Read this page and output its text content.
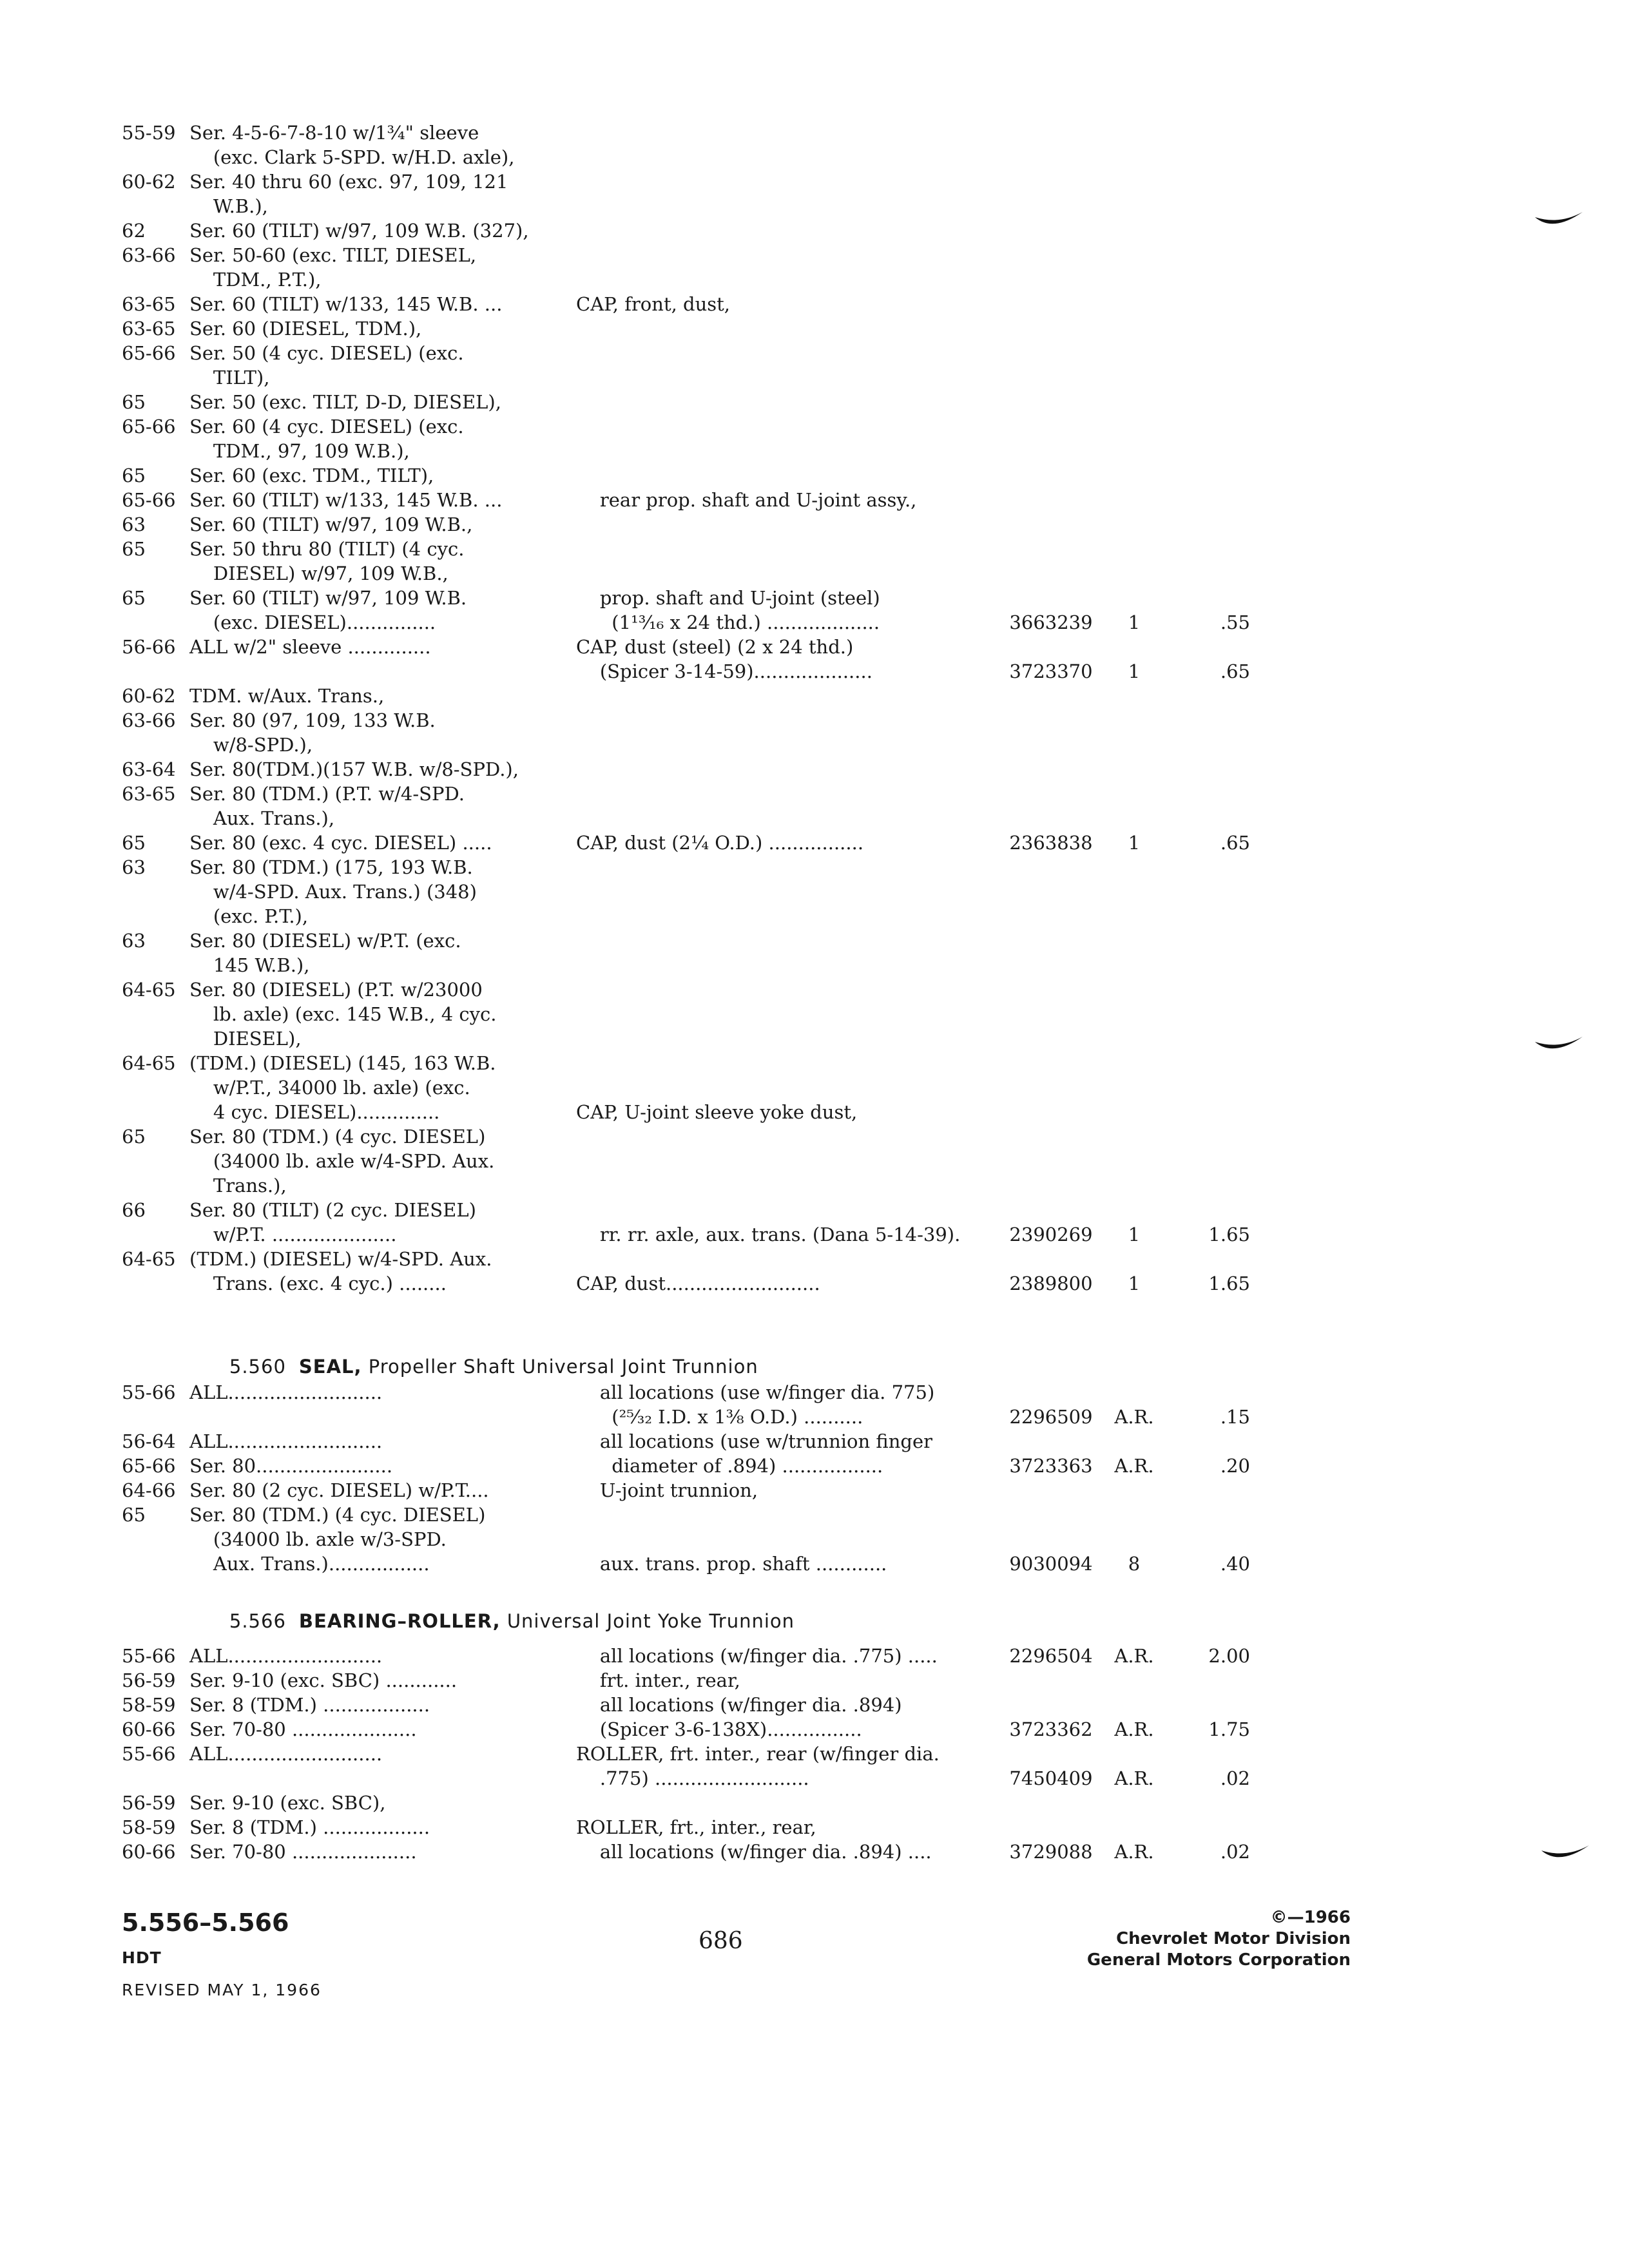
55-59 Ser. 4-5-6-7-8-10 w/1¾" sleeve
(exc. Clark 5-SPD. w/H.D. axle),
60-62 Ser. 40 thru 60 (exc. 97, 109, 121
W.B.),
62 Ser. 60 (TILT) w/97, 109 W.B. (327),
63-66 Ser. 50-60 (exc. TILT, DIESEL,
TDM., P.T.),
63-65 Ser. 60 (TILT) w/133, 145 W.B. ...	CAP, front, dust,
63-65 Ser. 60 (DIESEL, TDM.),
65-66 Ser. 50 (4 cyc. DIESEL) (exc.
TILT),
65 Ser. 50 (exc. TILT, D-D, DIESEL),
65-66 Ser. 60 (4 cyc. DIESEL) (exc.
TDM., 97, 109 W.B.),
65 Ser. 60 (exc. TDM., TILT),
65-66 Ser. 60 (TILT) w/133, 145 W.B. ...	rear prop. shaft and U-joint assy.,
63 Ser. 60 (TILT) w/97, 109 W.B.,
65 Ser. 50 thru 80 (TILT) (4 cyc.
DIESEL) w/97, 109 W.B.,
65 Ser. 60 (TILT) w/97, 109 W.B.	prop. shaft and U-joint (steel)
(exc. DIESEL)...............	(1¹³⁄₁₆ x 24 thd.) ...................	3663239	1	.55
56-66 ALL w/2" sleeve ..............	CAP, dust (steel) (2 x 24 thd.)
(Spicer 3-14-59)....................	3723370	1	.65
60-62 TDM. w/Aux. Trans.,
63-66 Ser. 80 (97, 109, 133 W.B.
w/8-SPD.),
63-64 Ser. 80(TDM.)(157 W.B. w/8-SPD.),
63-65 Ser. 80 (TDM.) (P.T. w/4-SPD.
Aux. Trans.),
65 Ser. 80 (exc. 4 cyc. DIESEL) .....	CAP, dust (2¼ O.D.) ................	2363838	1	.65
63 Ser. 80 (TDM.) (175, 193 W.B.
w/4-SPD. Aux. Trans.) (348)
(exc. P.T.),
63 Ser. 80 (DIESEL) w/P.T. (exc.
145 W.B.),
64-65 Ser. 80 (DIESEL) (P.T. w/23000
lb. axle) (exc. 145 W.B., 4 cyc.
DIESEL),
64-65 (TDM.) (DIESEL) (145, 163 W.B.
w/P.T., 34000 lb. axle) (exc.
4 cyc. DIESEL)..............	CAP, U-joint sleeve yoke dust,
65 Ser. 80 (TDM.) (4 cyc. DIESEL)
(34000 lb. axle w/4-SPD. Aux.
Trans.),
66 Ser. 80 (TILT) (2 cyc. DIESEL)
w/P.T. .....................	rr. rr. axle, aux. trans. (Dana 5-14-39).	2390269	1	1.65
64-65 (TDM.) (DIESEL) w/4-SPD. Aux.
Trans. (exc. 4 cyc.) ........	CAP, dust..........................	2389800	1	1.65

5.560 SEAL, Propeller Shaft Universal Joint Trunnion

55-66 ALL..........................	all locations (use w/finger dia. 775)
(²⁵⁄₃₂ I.D. x 1⅜ O.D.) ..........	2296509	A.R.	.15
56-64 ALL..........................	all locations (use w/trunnion finger
65-66 Ser. 80.......................	diameter of .894) .................	3723363	A.R.	.20
64-66 Ser. 80 (2 cyc. DIESEL) w/P.T....	U-joint trunnion,
65 Ser. 80 (TDM.) (4 cyc. DIESEL)
(34000 lb. axle w/3-SPD.
Aux. Trans.).................	aux. trans. prop. shaft ............	9030094	8	.40

5.566 BEARING–ROLLER, Universal Joint Yoke Trunnion

55-66 ALL..........................	all locations (w/finger dia. .775) .....	2296504	A.R.	2.00
56-59 Ser. 9-10 (exc. SBC) ............	frt. inter., rear,
58-59 Ser. 8 (TDM.) ..................	all locations (w/finger dia. .894)
60-66 Ser. 70-80 .....................	(Spicer 3-6-138X)................	3723362	A.R.	1.75
55-66 ALL..........................	ROLLER, frt. inter., rear (w/finger dia.
.775) ..........................	7450409	A.R.	.02
56-59 Ser. 9-10 (exc. SBC),
58-59 Ser. 8 (TDM.) ..................	ROLLER, frt., inter., rear,
60-66 Ser. 70-80 .....................	all locations (w/finger dia. .894) ....	3729088	A.R.	.02
5.556–5.566
HDT
REVISED MAY 1, 1966
686
©—1966
Chevrolet Motor Division
General Motors Corporation
